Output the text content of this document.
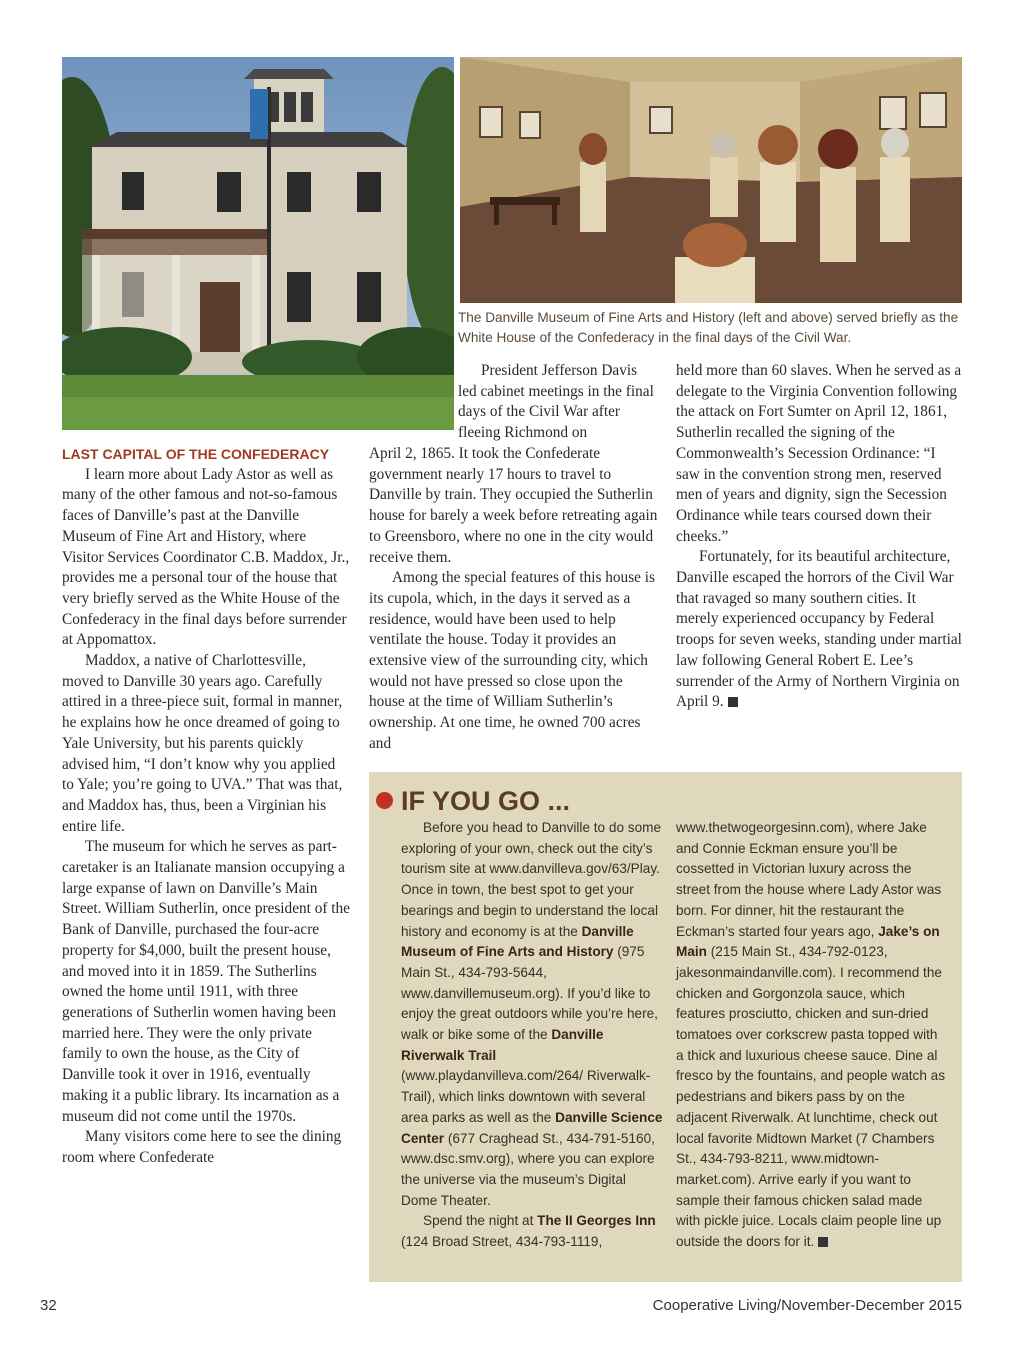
The Danville Museum of Fine Arts and History (left and above) served briefly as the White House of the Confederacy in the final days of the Civil War.
LAST CAPITAL OF THE CONFEDERACY

I learn more about Lady Astor as well as many of the other famous and not-so-famous faces of Danville’s past at the Danville Museum of Fine Art and History, where Visitor Services Coordinator C.B. Maddox, Jr., provides me a personal tour of the house that very briefly served as the White House of the Confederacy in the final days before surrender at Appomattox.

Maddox, a native of Charlottesville, moved to Danville 30 years ago. Carefully attired in a three-piece suit, formal in manner, he explains how he once dreamed of going to Yale University, but his parents quickly advised him, “I don’t know why you applied to Yale; you’re going to UVA.” That was that, and Maddox has, thus, been a Virginian his entire life.

The museum for which he serves as part-caretaker is an Italianate mansion occupying a large expanse of lawn on Danville’s Main Street. William Sutherlin, once president of the Bank of Danville, purchased the four-acre property for $4,000, built the present house, and moved into it in 1859. The Sutherlins owned the home until 1911, with three generations of Sutherlin women having been married here. They were the only private family to own the house, as the City of Danville took it over in 1916, eventually making it a public library. Its incarnation as a museum did not come until the 1970s.

Many visitors come here to see the dining room where Confederate

President Jefferson Davis led cabinet meetings in the final days of the Civil War after fleeing Richmond on

April 2, 1865. It took the Confederate government nearly 17 hours to travel to Danville by train. They occupied the Sutherlin house for barely a week before retreating again to Greensboro, where no one in the city would receive them.

Among the special features of this house is its cupola, which, in the days it served as a residence, would have been used to help ventilate the house. Today it provides an extensive view of the surrounding city, which would not have pressed so close upon the house at the time of William Sutherlin’s ownership. At one time, he owned 700 acres and

held more than 60 slaves. When he served as a delegate to the Virginia Convention following the attack on Fort Sumter on April 12, 1861, Sutherlin recalled the signing of the Commonwealth’s Secession Ordinance: “I saw in the convention strong men, reserved men of years and dignity, sign the Secession Ordinance while tears coursed down their cheeks.”

Fortunately, for its beautiful architecture, Danville escaped the horrors of the Civil War that ravaged so many southern cities. It merely experienced occupancy by Federal troops for seven weeks, standing under martial law following General Robert E. Lee’s surrender of the Army of Northern Virginia on April 9.

IF YOU GO ...

Before you head to Danville to do some exploring of your own, check out the city’s tourism site at www.danvilleva.gov/63/Play. Once in town, the best spot to get your bearings and begin to understand the local history and economy is at the Danville Museum of Fine Arts and History (975 Main St., 434-793-5644, www.danvillemuseum.org). If you’d like to enjoy the great outdoors while you’re here, walk or bike some of the Danville Riverwalk Trail (www.playdanvilleva.com/264/ Riverwalk-Trail), which links downtown with several area parks as well as the Danville Science Center (677 Craghead St., 434-791-5160, www.dsc.smv.org), where you can explore the universe via the museum’s Digital Dome Theater.

Spend the night at The II Georges Inn (124 Broad Street, 434-793-1119,

www.thetwogeorgesinn.com), where Jake and Connie Eckman ensure you’ll be cossetted in Victorian luxury across the street from the house where Lady Astor was born. For dinner, hit the restaurant the Eckman’s started four years ago, Jake’s on Main (215 Main St., 434-792-0123, jakesonmaindanville.com). I recommend the chicken and Gorgonzola sauce, which features prosciutto, chicken and sun-dried tomatoes over corkscrew pasta topped with a thick and luxurious cheese sauce. Dine al fresco by the fountains, and people watch as pedestrians and bikers pass by on the adjacent Riverwalk. At lunchtime, check out local favorite Midtown Market (7 Chambers St., 434-793-8211, www.midtown-market.com). Arrive early if you want to sample their famous chicken salad made with pickle juice. Locals claim people line up outside the doors for it.

32	Cooperative Living/November-December 2015
